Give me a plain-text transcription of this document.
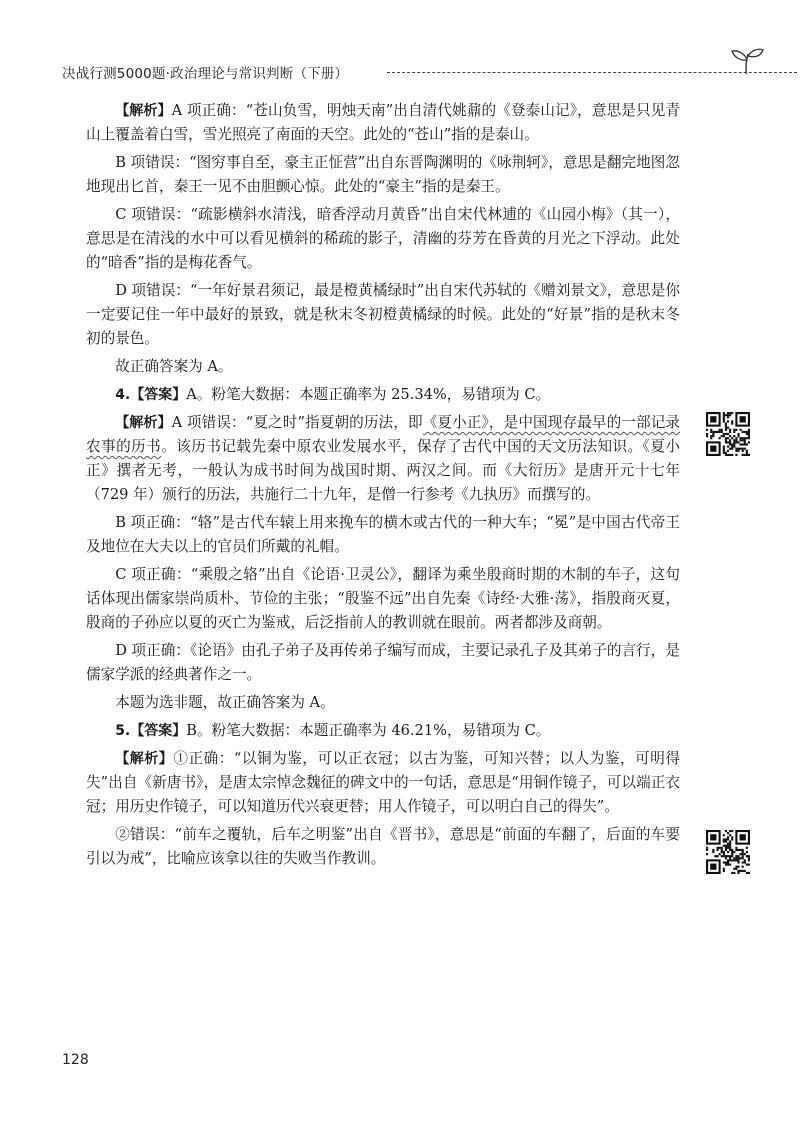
决战行测5000题·政治理论与常识判断（下册）

【解析】A 项正确：“苍山负雪，明烛天南”出自清代姚鼐的《登泰山记》，意思是只见青山上覆盖着白雪，雪光照亮了南面的天空。此处的“苍山”指的是泰山。

B 项错误：“图穷事自至，豪主正怔营”出自东晋陶渊明的《咏荆轲》，意思是翻完地图忽地现出匕首，秦王一见不由胆颤心惊。此处的“豪主”指的是秦王。

C 项错误：“疏影横斜水清浅，暗香浮动月黄昏”出自宋代林逋的《山园小梅》（其一），意思是在清浅的水中可以看见横斜的稀疏的影子，清幽的芬芳在昏黄的月光之下浮动。此处的“暗香”指的是梅花香气。

D 项错误：“一年好景君须记，最是橙黄橘绿时”出自宋代苏轼的《赠刘景文》，意思是你一定要记住一年中最好的景致，就是秋末冬初橙黄橘绿的时候。此处的“好景”指的是秋末冬初的景色。

故正确答案为 A。

4.【答案】A。粉笔大数据：本题正确率为 25.34%，易错项为 C。

【解析】A 项错误：“夏之时”指夏朝的历法，即《夏小正》，是中国现存最早的一部记录农事的历书。该历书记载先秦中原农业发展水平，保存了古代中国的天文历法知识。《夏小正》撰者无考，一般认为成书时间为战国时期、两汉之间。而《大衍历》是唐开元十七年（729 年）颁行的历法，共施行二十九年，是僧一行参考《九执历》而撰写的。

B 项正确：“辂”是古代车辕上用来挽车的横木或古代的一种大车；“冕”是中国古代帝王及地位在大夫以上的官员们所戴的礼帽。

C 项正确：“乘殷之辂”出自《论语·卫灵公》，翻译为乘坐殷商时期的木制的车子，这句话体现出儒家崇尚质朴、节俭的主张；“殷鉴不远”出自先秦《诗经·大雅·荡》，指殷商灭夏，殷商的子孙应以夏的灭亡为鉴戒，后泛指前人的教训就在眼前。两者都涉及商朝。

D 项正确：《论语》由孔子弟子及再传弟子编写而成，主要记录孔子及其弟子的言行，是儒家学派的经典著作之一。

本题为选非题，故正确答案为 A。

5.【答案】B。粉笔大数据：本题正确率为 46.21%，易错项为 C。

【解析】①正确：“以铜为鉴，可以正衣冠；以古为鉴，可知兴替；以人为鉴，可明得失”出自《新唐书》，是唐太宗悼念魏征的碑文中的一句话，意思是“用铜作镜子，可以端正衣冠；用历史作镜子，可以知道历代兴衰更替；用人作镜子，可以明白自己的得失”。

②错误：“前车之覆轨，后车之明鉴”出自《晋书》，意思是“前面的车翻了，后面的车要引以为戒”，比喻应该拿以往的失败当作教训。

128
